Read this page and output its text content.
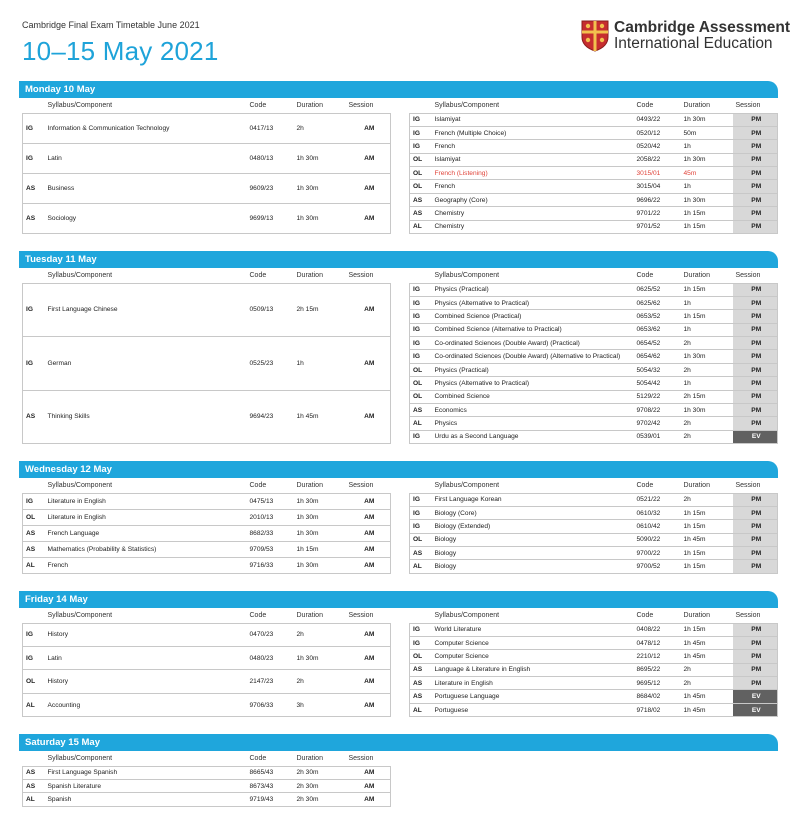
Cambridge Final Exam Timetable June 2021
10–15 May 2021
Cambridge Assessment
International Education
Monday 10 May
	Syllabus/Component	Code	Duration	Session
IG	Information & Communication Technology	0417/13	2h	AM
IG	Latin	0480/13	1h 30m	AM
AS	Business	9609/23	1h 30m	AM
AS	Sociology	9699/13	1h 30m	AM
	Syllabus/Component	Code	Duration	Session
IG	Islamiyat	0493/22	1h 30m	PM
IG	French (Multiple Choice)	0520/12	50m	PM
IG	French	0520/42	1h	PM
OL	Islamiyat	2058/22	1h 30m	PM
OL	French (Listening)	3015/01	45m	PM
OL	French	3015/04	1h	PM
AS	Geography (Core)	9696/22	1h 30m	PM
AS	Chemistry	9701/22	1h 15m	PM
AL	Chemistry	9701/52	1h 15m	PM
Tuesday 11 May
	Syllabus/Component	Code	Duration	Session
IG	First Language Chinese	0509/13	2h 15m	AM
IG	German	0525/23	1h	AM
AS	Thinking Skills	9694/23	1h 45m	AM
	Syllabus/Component	Code	Duration	Session
IG	Physics (Practical)	0625/52	1h 15m	PM
IG	Physics (Alternative to Practical)	0625/62	1h	PM
IG	Combined Science (Practical)	0653/52	1h 15m	PM
IG	Combined Science (Alternative to Practical)	0653/62	1h	PM
IG	Co-ordinated Sciences (Double Award) (Practical)	0654/52	2h	PM
IG	Co-ordinated Sciences (Double Award) (Alternative to Practical)	0654/62	1h 30m	PM
OL	Physics (Practical)	5054/32	2h	PM
OL	Physics (Alternative to Practical)	5054/42	1h	PM
OL	Combined Science	5129/22	2h 15m	PM
AS	Economics	9708/22	1h 30m	PM
AL	Physics	9702/42	2h	PM
IG	Urdu as a Second Language	0539/01	2h	EV
Wednesday 12 May
	Syllabus/Component	Code	Duration	Session
IG	Literature in English	0475/13	1h 30m	AM
OL	Literature in English	2010/13	1h 30m	AM
AS	French Language	8682/33	1h 30m	AM
AS	Mathematics (Probability & Statistics)	9709/53	1h 15m	AM
AL	French	9716/33	1h 30m	AM
	Syllabus/Component	Code	Duration	Session
IG	First Language Korean	0521/22	2h	PM
IG	Biology (Core)	0610/32	1h 15m	PM
IG	Biology (Extended)	0610/42	1h 15m	PM
OL	Biology	5090/22	1h 45m	PM
AS	Biology	9700/22	1h 15m	PM
AL	Biology	9700/52	1h 15m	PM
Friday 14 May
	Syllabus/Component	Code	Duration	Session
IG	History	0470/23	2h	AM
IG	Latin	0480/23	1h 30m	AM
OL	History	2147/23	2h	AM
AL	Accounting	9706/33	3h	AM
	Syllabus/Component	Code	Duration	Session
IG	World Literature	0408/22	1h 15m	PM
IG	Computer Science	0478/12	1h 45m	PM
OL	Computer Science	2210/12	1h 45m	PM
AS	Language & Literature in English	8695/22	2h	PM
AS	Literature in English	9695/12	2h	PM
AS	Portuguese Language	8684/02	1h 45m	EV
AL	Portuguese	9718/02	1h 45m	EV
Saturday 15 May
	Syllabus/Component	Code	Duration	Session
AS	First Language Spanish	8665/43	2h 30m	AM
AS	Spanish Literature	8673/43	2h 30m	AM
AL	Spanish	9719/43	2h 30m	AM
